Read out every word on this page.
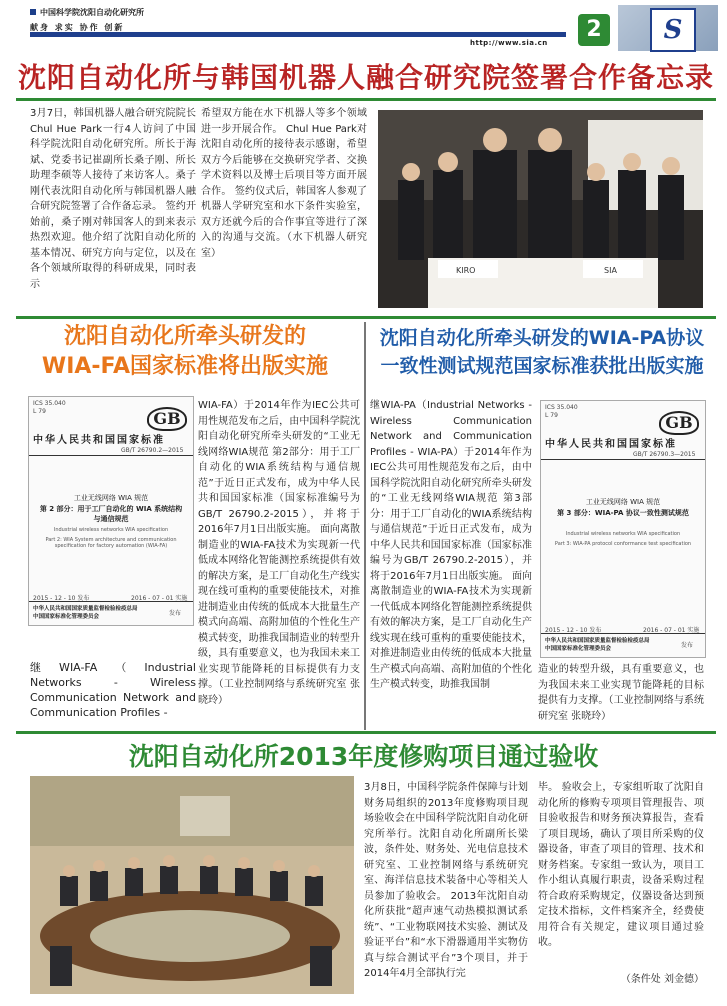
中国科学院沈阳自动化研究所
献身 求实 协作 创新
http://www.sia.cn
2	S
沈阳自动化所与韩国机器人融合研究院签署合作备忘录
3月7日，韩国机器人融合研究院院长Chul Hue Park一行4人访问了中国科学院沈阳自动化研究所。所长于海斌、党委书记崔副所长桑子刚、所长助理李硕等人接待了来访客人。桑子刚代表沈阳自动化所与韩国机器人融合研究院签署了合作备忘录。 签约开始前，桑子刚对韩国客人的到来表示热烈欢迎。他介绍了沈阳自动化所的基本情况、研究方向与定位，以及在各个领域所取得的科研成果，同时表示
希望双方能在水下机器人等多个领域进一步开展合作。 Chul Hue Park对沈阳自动化所的接待表示感谢，希望双方今后能够在交换研究学者、交换学术资料以及博士后项目等方面开展合作。 签约仪式后，韩国客人参观了机器人学研究室和水下条件实验室，双方还就今后的合作事宜等进行了深入的沟通与交流。（水下机器人研究室）
KIRO	SIA
沈阳自动化所牵头研发的
WIA-FA国家标准将出版实施
ICS 35.040
L 79	GB
中华人民共和国国家标准
GB/T 26790.2—2015
工业无线网络 WIA 规范
第 2 部分：用于工厂自动化的 WIA 系统结构与通信规范
Industrial wireless networks WIA specification
Part 2: WIA System architecture and communication specification for factory automation (WIA-FA)
2015 - 12 - 10 发布	2016 - 07 - 01 实施
中华人民共和国国家质量监督检验检疫总局
中国国家标准化管理委员会	发布
继WIA-FA（Industrial Networks - Wireless Communication Network and Communication Profiles -
WIA-FA）于2014年作为IEC公共可用性规范发布之后，由中国科学院沈阳自动化研究所牵头研发的“工业无线网络WIA规范 第2部分：用于工厂自动化的WIA系统结构与通信规范”于近日正式发布，成为中华人民共和国国家标准（国家标准编号为GB/T 26790.2-2015），并将于2016年7月1日出版实施。 面向离散制造业的WIA-FA技术为实现新一代低成本网络化智能测控系统提供有效的解决方案，是工厂自动化生产线实现在线可重构的重要使能技术，对推进制造业由传统的低成本大批量生产模式向高端、高附加值的个性化生产模式转变，助推我国制造业的转型升级，具有重要意义，也为我国未来工业实现节能降耗的目标提供有力支撑。（工业控制网络与系统研究室 张晓玲）
沈阳自动化所牵头研发的WIA-PA协议
一致性测试规范国家标准获批出版实施
继WIA-PA（Industrial Networks - Wireless Communication Network and Communication Profiles - WIA-PA）于2014年作为IEC公共可用性规范发布之后，由中国科学院沈阳自动化研究所牵头研发的“工业无线网络WIA规范 第3部分：用于工厂自动化的WIA系统结构与通信规范”于近日正式发布，成为中华人民共和国国家标准（国家标准编号为GB/T 26790.2-2015），并将于2016年7月1日出版实施。 面向离散制造业的WIA-FA技术为实现新一代低成本网络化智能测控系统提供有效的解决方案，是工厂自动化生产线实现在线可重构的重要使能技术，对推进制造业由传统的低成本大批量生产模式向高端、高附加值的个性化生产模式转变，助推我国制
ICS 35.040
L 79	GB
中华人民共和国国家标准
GB/T 26790.3—2015
工业无线网络 WIA 规范
第 3 部分：WIA-PA 协议一致性测试规范
Industrial wireless networks WIA specification
Part 3: WIA-PA protocol conformance test specification
2015 - 12 - 10 发布	2016 - 07 - 01 实施
中华人民共和国国家质量监督检验检疫总局
中国国家标准化管理委员会	发布
造业的转型升级，具有重要意义，也为我国未来工业实现节能降耗的目标提供有力支撑。（工业控制网络与系统研究室 张晓玲）
沈阳自动化所2013年度修购项目通过验收
3月8日，中国科学院条件保障与计划财务局组织的2013年度修购项目现场验收会在中国科学院沈阳自动化研究所举行。沈阳自动化所副所长梁波，条件处、财务处、光电信息技术研究室、工业控制网络与系统研究室、海洋信息技术装备中心等相关人员参加了验收会。 2013年沈阳自动化所获批“超声速气动热模拟测试系统”、“工业物联网技术实验、测试及验证平台”和“水下滑器通用半实物仿真与综合测试平台”3个项目，并于2014年4月全部执行完
毕。 验收会上，专家组听取了沈阳自动化所的修购专项项目管理报告、项目验收报告和财务预决算报告，查看了项目现场，确认了项目所采购的仪器设备，审查了项目的管理、技术和财务档案。专家组一致认为，项目工作小组认真履行职责，设备采购过程符合政府采购规定，仪器设备达到预定技术指标，文件档案齐全，经费使用符合有关规定，建议项目通过验收。
（条件处 刘金德）
